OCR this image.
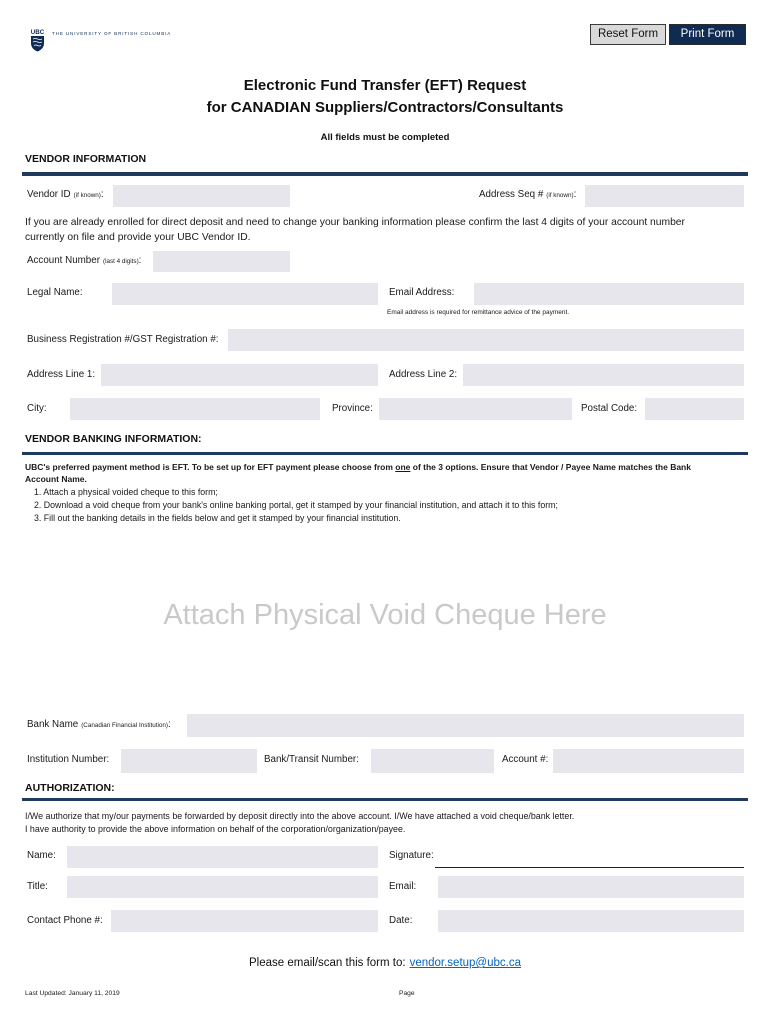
UBC THE UNIVERSITY OF BRITISH COLUMBIA	Reset Form	Print Form
Electronic Fund Transfer (EFT) Request
for CANADIAN Suppliers/Contractors/Consultants
All fields must be completed
VENDOR INFORMATION
Vendor ID (if known):	Address Seq # (if known):
If you are already enrolled for direct deposit and need to change your banking information please confirm the last 4 digits of your account number
currently on file and provide your UBC Vendor ID.
Account Number (last 4 digits):
Legal Name:	Email Address:
Email address is required for remittance advice of the payment.
Business Registration #/GST Registration #:
Address Line 1:	Address Line 2:
City:	Province:	Postal Code:
VENDOR BANKING INFORMATION:
UBC's preferred payment method is EFT. To be set up for EFT payment please choose from one of the 3 options. Ensure that Vendor / Payee Name matches the Bank
Account Name.
1. Attach a physical voided cheque to this form;
2. Download a void cheque from your bank's online banking portal, get it stamped by your financial institution, and attach it to this form;
3. Fill out the banking details in the fields below and get it stamped by your financial institution.
Attach Physical Void Cheque Here
Bank Name (Canadian Financial Institution):
Institution Number:	Bank/Transit Number:	Account #:
AUTHORIZATION:
I/We authorize that my/our payments be forwarded by deposit directly into the above account. I/We have attached a void cheque/bank letter.
I have authority to provide the above information on behalf of the corporation/organization/payee.
Name:	Signature:
Title:	Email:
Contact Phone #:	Date:
Please email/scan this form to: vendor.setup@ubc.ca
Last Updated: January 11, 2019	Page
